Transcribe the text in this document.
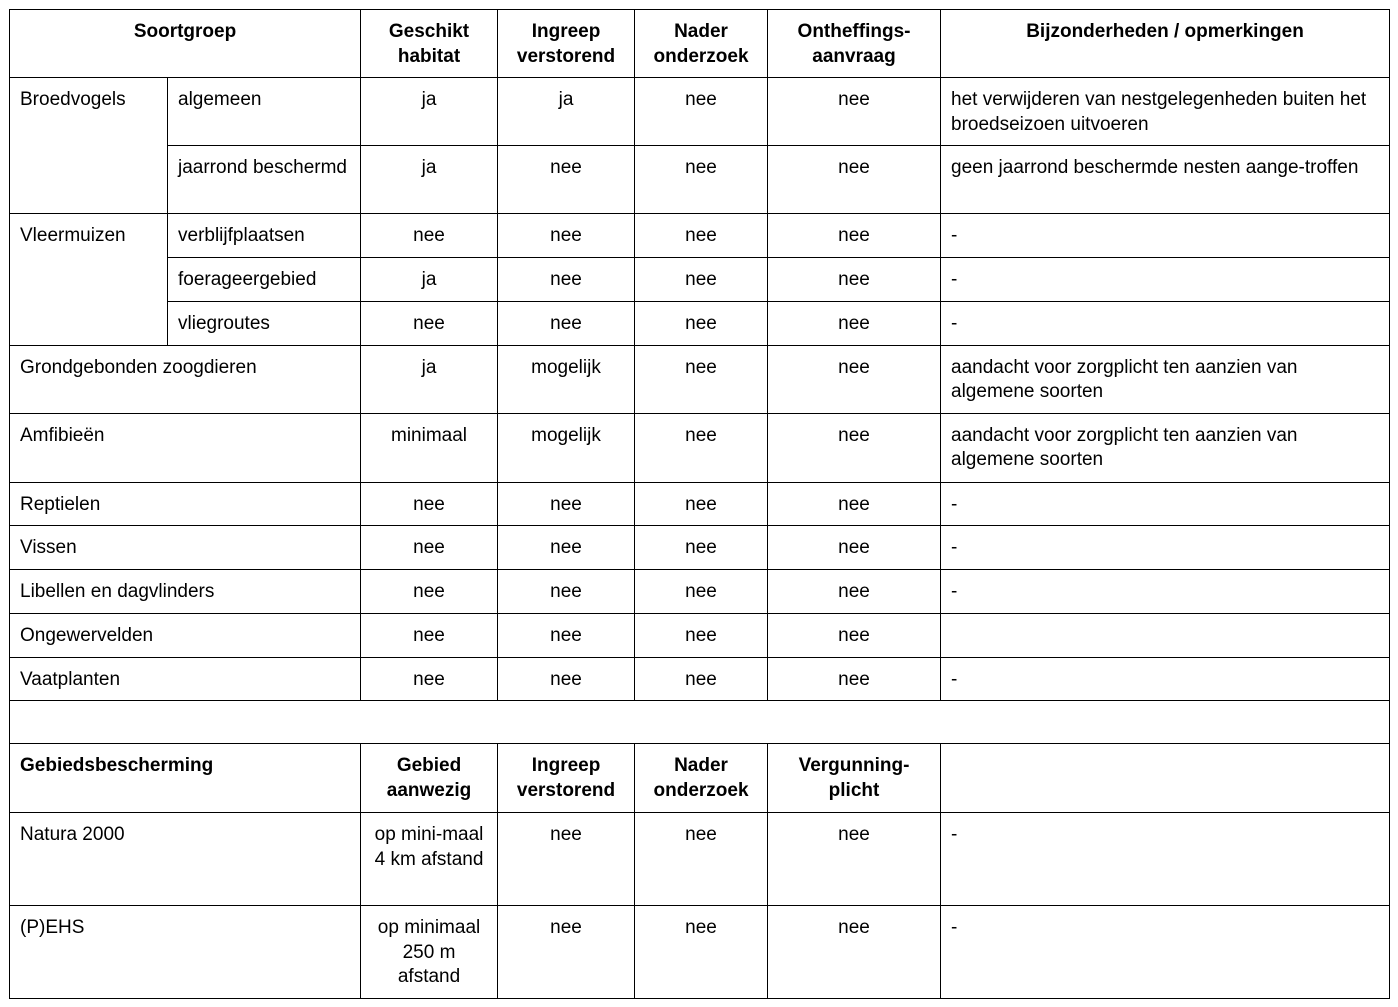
Soortgroep		Geschikt habitat	Ingreep verstorend	Nader onderzoek	Ontheffings-aanvraag	Bijzonderheden / opmerkingen
Broedvogels	algemeen	ja	ja	nee	nee	het verwijderen van nestgelegenheden buiten het broedseizoen uitvoeren
	jaarrond beschermd	ja	nee	nee	nee	geen jaarrond beschermde nesten aange-troffen
Vleermuizen	verblijfplaatsen	nee	nee	nee	nee	-
	foerageergebied	ja	nee	nee	nee	-
	vliegroutes	nee	nee	nee	nee	-
Grondgebonden zoogdieren		ja	mogelijk	nee	nee	aandacht voor zorgplicht ten aanzien van algemene soorten
Amfibieën		minimaal	mogelijk	nee	nee	aandacht voor zorgplicht ten aanzien van algemene soorten
Reptielen		nee	nee	nee	nee	-
Vissen		nee	nee	nee	nee	-
Libellen en dagvlinders		nee	nee	nee	nee	-
Ongewervelden		nee	nee	nee	nee	
Vaatplanten		nee	nee	nee	nee	-

Gebiedsbescherming		Gebied aanwezig	Ingreep verstorend	Nader onderzoek	Vergunning-plicht	
Natura 2000		op mini-maal 4 km afstand	nee	nee	nee	-
(P)EHS		op minimaal 250 m afstand	nee	nee	nee	-
